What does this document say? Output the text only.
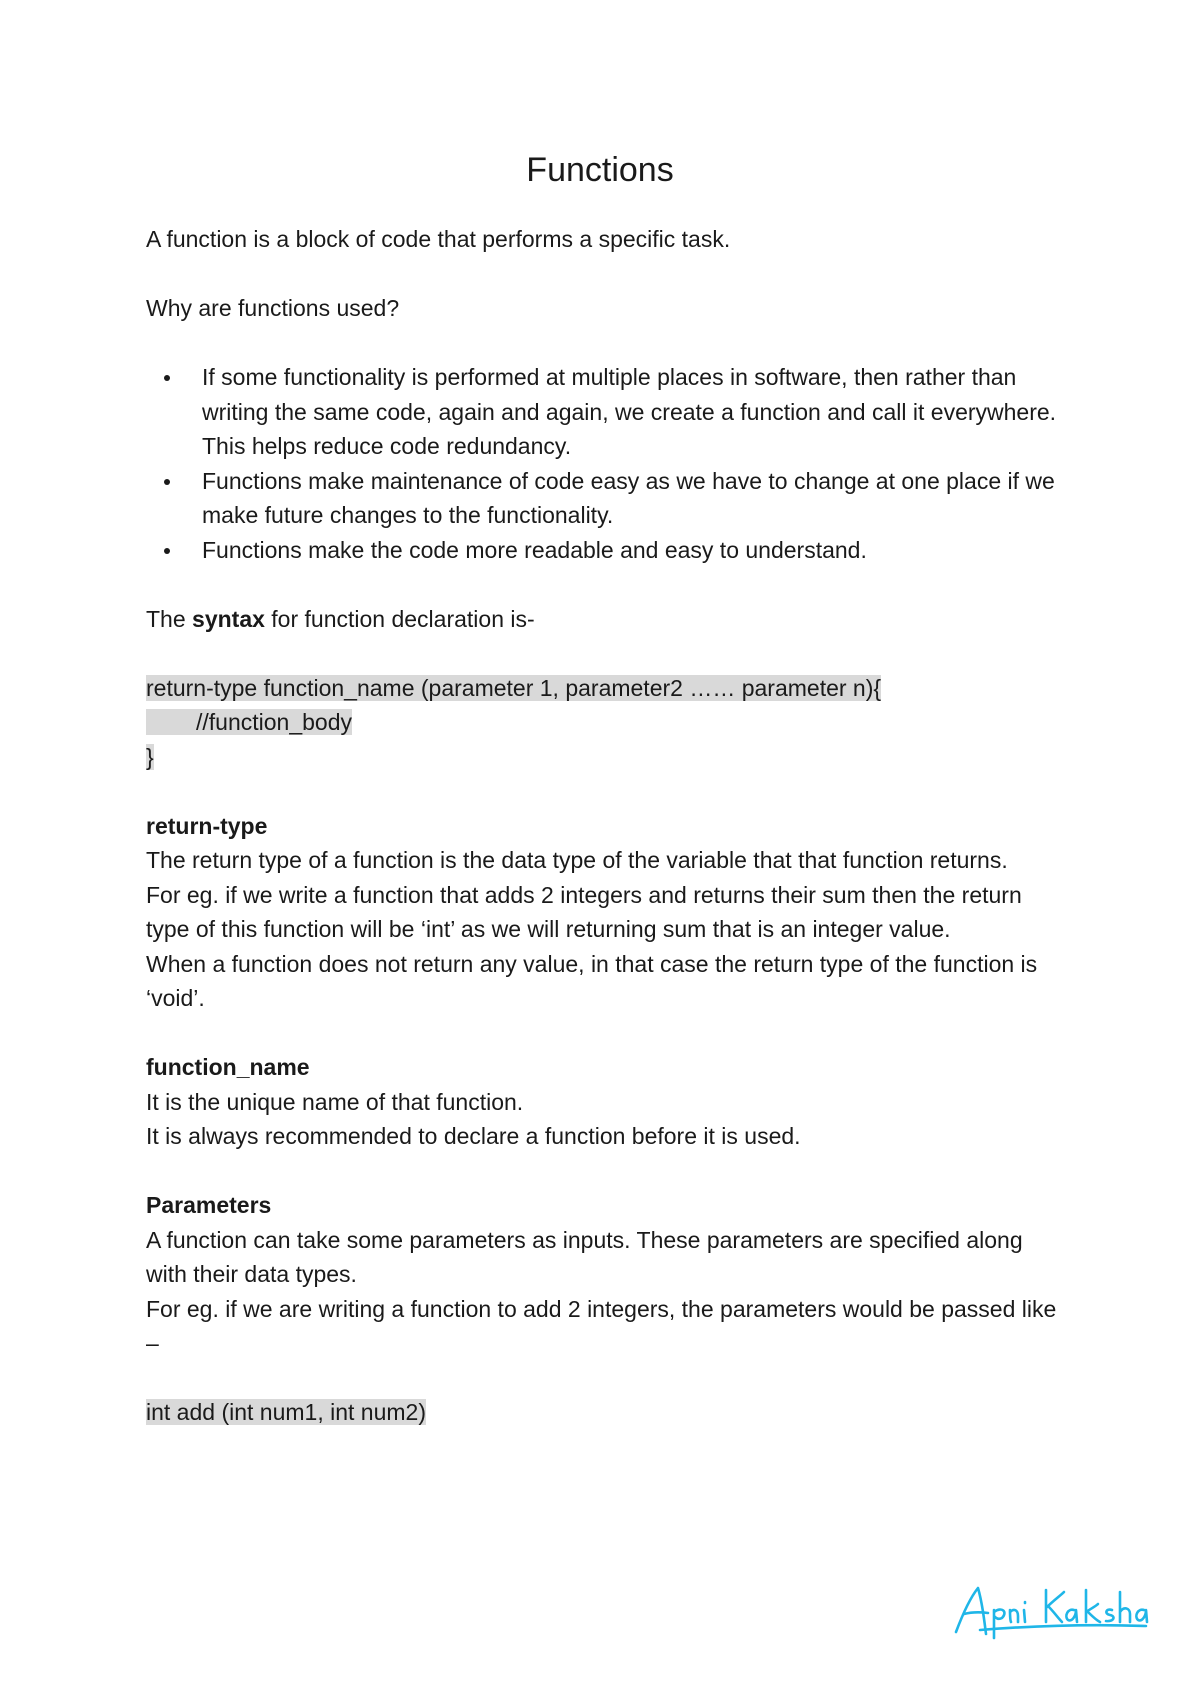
Functions

A function is a block of code that performs a specific task.

Why are functions used?

If some functionality is performed at multiple places in software, then rather than writing the same code, again and again, we create a function and call it everywhere. This helps reduce code redundancy.
Functions make maintenance of code easy as we have to change at one place if we make future changes to the functionality.
Functions make the code more readable and easy to understand.

The syntax for function declaration is-

return-type function_name (parameter 1, parameter2 …… parameter n){

//function_body

}

return-type

The return type of a function is the data type of the variable that that function returns.

For eg. if we write a function that adds 2 integers and returns their sum then the return type of this function will be ‘int’ as we will returning sum that is an integer value.

When a function does not return any value, in that case the return type of the function is ‘void’.

function_name

It is the unique name of that function.

It is always recommended to declare a function before it is used.

Parameters

A function can take some parameters as inputs. These parameters are specified along with their data types.

For eg. if we are writing a function to add 2 integers, the parameters would be passed like –

int add (int num1, int num2)
